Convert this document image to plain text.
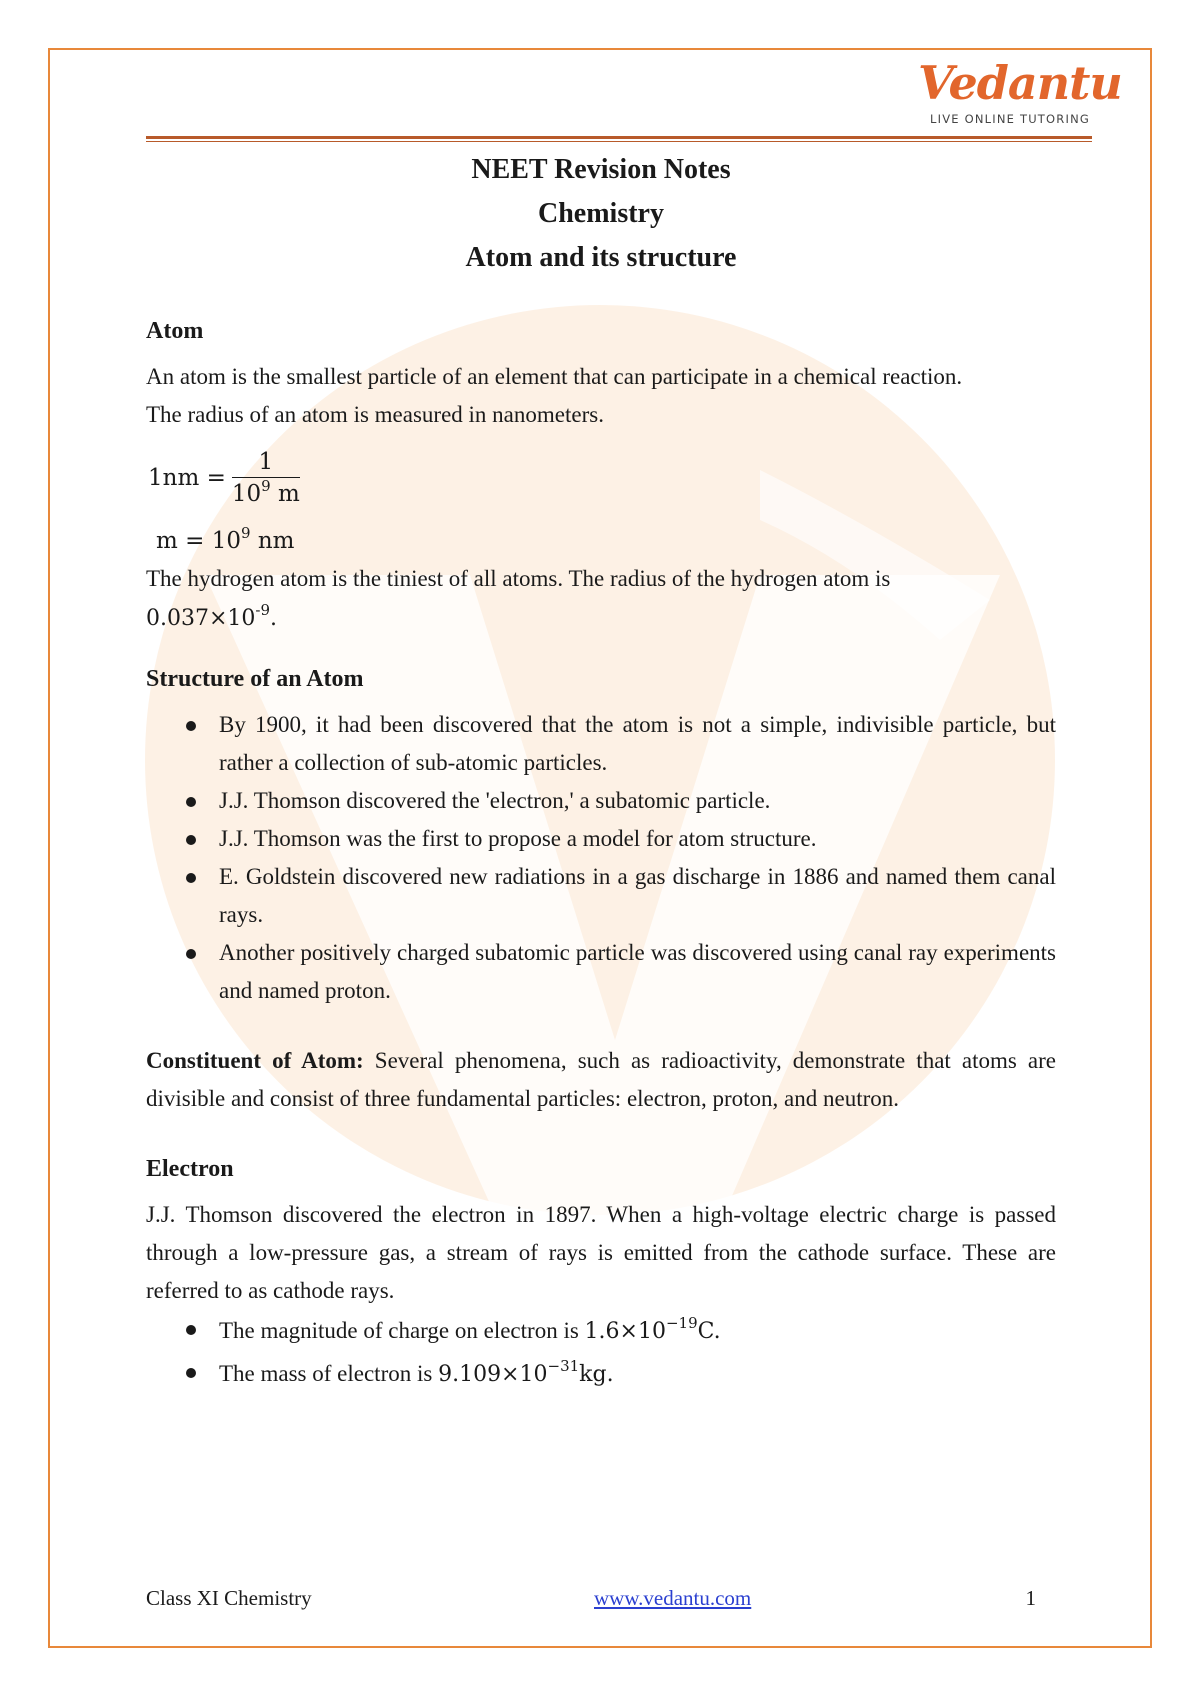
Vedantu
LIVE ONLINE TUTORING
NEET Revision Notes
Chemistry
Atom and its structure
Atom

An atom is the smallest particle of an element that can participate in a chemical reaction.

The radius of an atom is measured in nanometers.

$1nm = \frac{1}{10^9 m}$
$m = 10^9$ nm

The hydrogen atom is the tiniest of all atoms. The radius of the hydrogen atom is

$0.037\times 10^{-9}$.
Structure of an Atom
By 1900, it had been discovered that the atom is not a simple, indivisible particle, but rather a collection of sub-atomic particles.
J.J. Thomson discovered the 'electron,' a subatomic particle.
J.J. Thomson was the first to propose a model for atom structure.
E. Goldstein discovered new radiations in a gas discharge in 1886 and named them canal rays.
Another positively charged subatomic particle was discovered using canal ray experiments and named proton.

Constituent of Atom: Several phenomena, such as radioactivity, demonstrate that atoms are divisible and consist of three fundamental particles: electron, proton, and neutron.

Electron

J.J. Thomson discovered the electron in 1897. When a high-voltage electric charge is passed through a low-pressure gas, a stream of rays is emitted from the cathode surface. These are referred to as cathode rays.

The magnitude of charge on electron is $1.6\times 10^{-19}C$.
The mass of electron is $9.109\times 10^{-31}kg$.
Class XI Chemistry	www.vedantu.com	1
